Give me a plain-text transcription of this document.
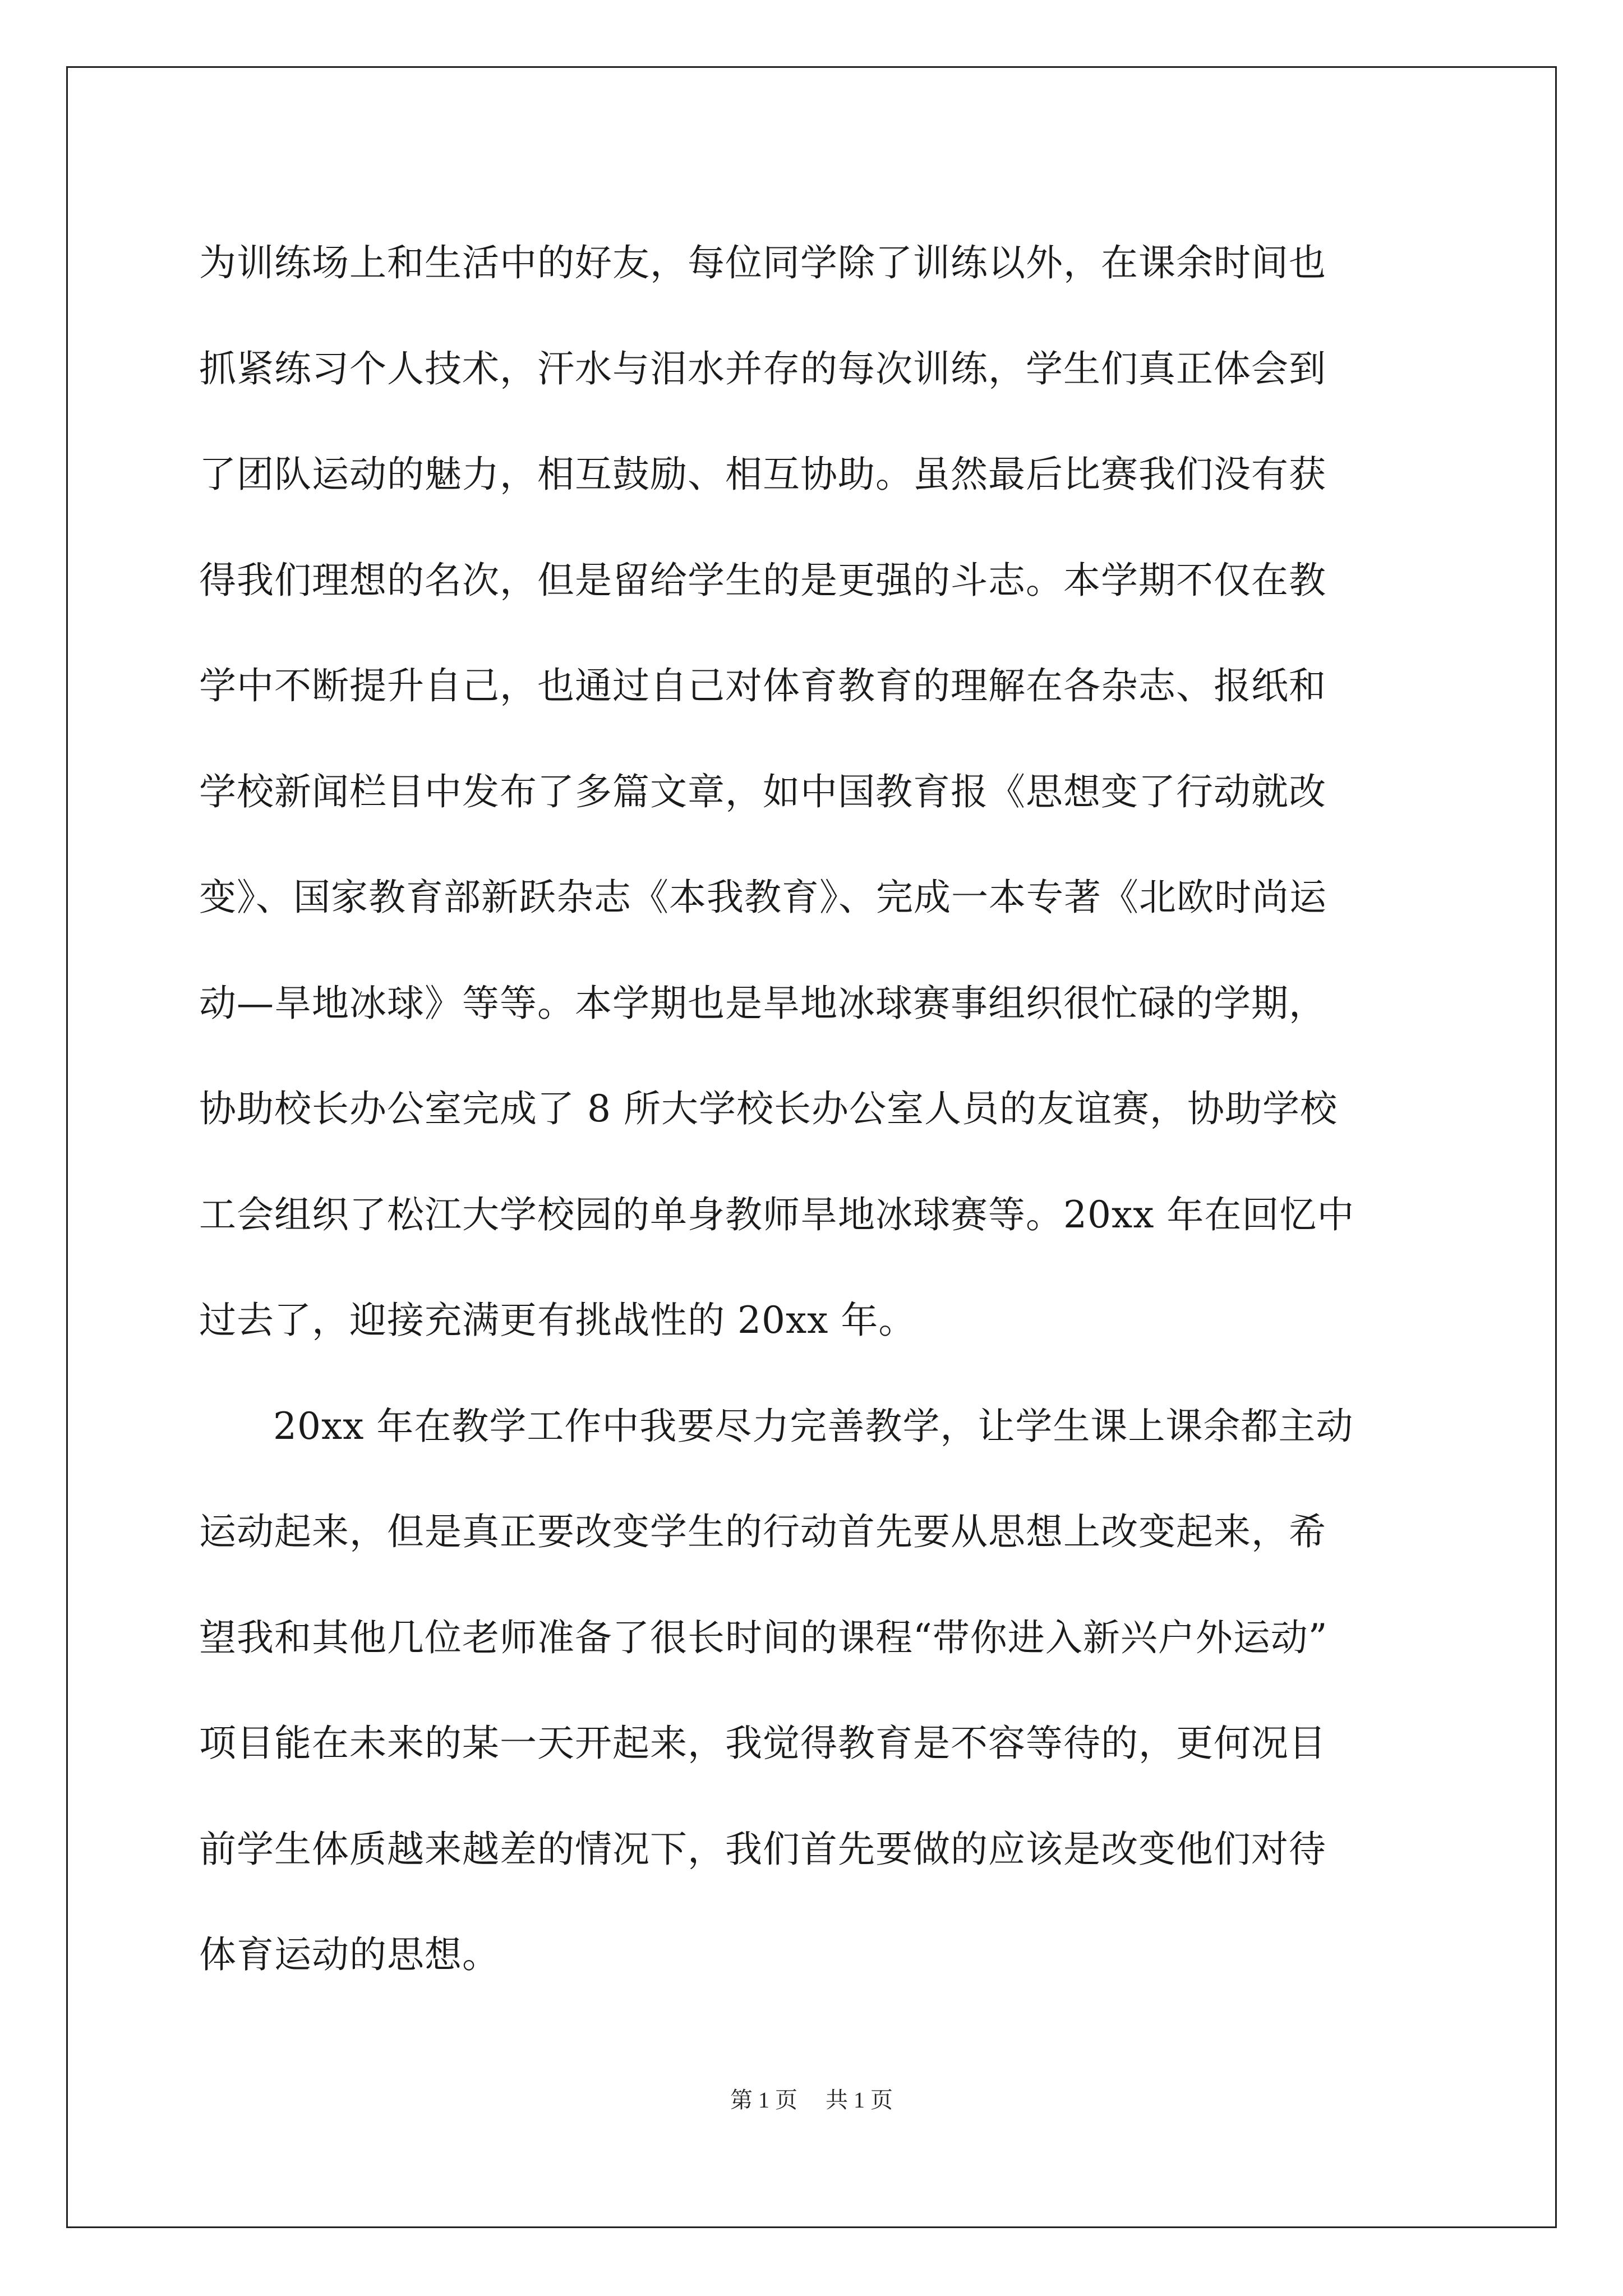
为训练场上和生活中的好友，每位同学除了训练以外，在课余时间也
抓紧练习个人技术，汗水与泪水并存的每次训练，学生们真正体会到
了团队运动的魅力，相互鼓励、相互协助。虽然最后比赛我们没有获
得我们理想的名次，但是留给学生的是更强的斗志。本学期不仅在教
学中不断提升自己，也通过自己对体育教育的理解在各杂志、报纸和
学校新闻栏目中发布了多篇文章，如中国教育报《思想变了行动就改
变》、国家教育部新跃杂志《本我教育》、完成一本专著《北欧时尚运
动—旱地冰球》等等。本学期也是旱地冰球赛事组织很忙碌的学期，
协助校长办公室完成了 8 所大学校长办公室人员的友谊赛，协助学校
工会组织了松江大学校园的单身教师旱地冰球赛等。20xx 年在回忆中
过去了，迎接充满更有挑战性的 20xx 年。
20xx 年在教学工作中我要尽力完善教学，让学生课上课余都主动
运动起来，但是真正要改变学生的行动首先要从思想上改变起来，希
望我和其他几位老师准备了很长时间的课程“带你进入新兴户外运动”
项目能在未来的某一天开起来，我觉得教育是不容等待的，更何况目
前学生体质越来越差的情况下，我们首先要做的应该是改变他们对待
体育运动的思想。
第 1 页 共 1 页
